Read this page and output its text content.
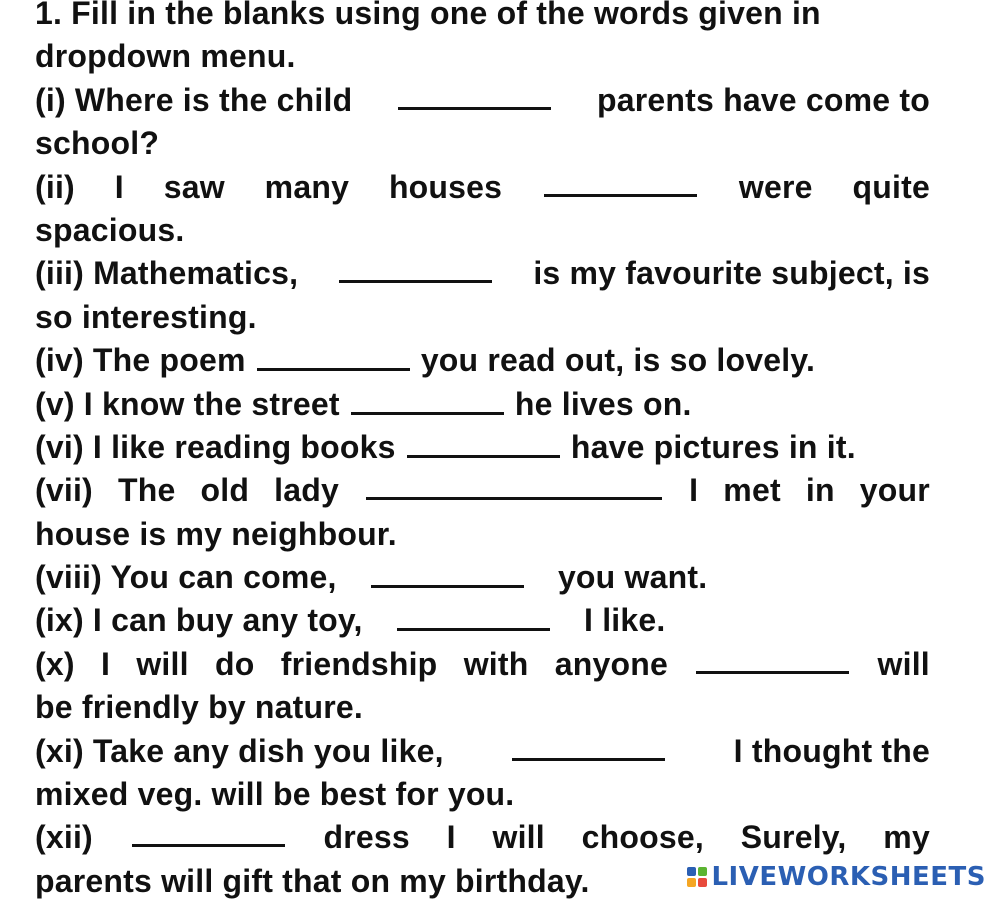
1. Fill in the blanks using one of the words given in
dropdown menu.
(i) Where is the child	parents have come to
school?
(ii) I saw many houses	were quite
spacious.
(iii) Mathematics,	is my favourite subject, is
so interesting.
(iv) The poem	you read out, is so lovely.
(v) I know the street	he lives on.
(vi) I like reading books	have pictures in it.
(vii) The old lady	I met in your
house is my neighbour.
(viii) You can come,	you want.
(ix) I can buy any toy,	I like.
(x) I will do friendship with anyone	will
be friendly by nature.
(xi) Take any dish you like,	I thought the
mixed veg. will be best for you.
(xii)	dress I will choose, Surely, my
parents will gift that on my birthday.	LIVEWORKSHEETS
